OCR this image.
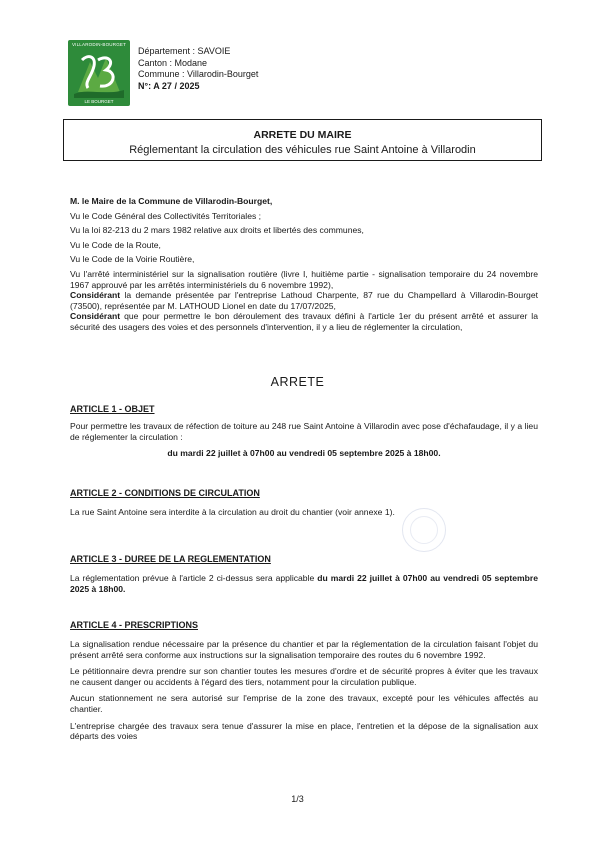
VILLARODIN-BOURGET
LE BOURGET
Département : SAVOIE
Canton : Modane
Commune : Villarodin-Bourget
N°: A 27 / 2025
ARRETE DU MAIRE
Réglementant la circulation des véhicules rue Saint Antoine à Villarodin

M. le Maire de la Commune de Villarodin-Bourget,

Vu le Code Général des Collectivités Territoriales ;

Vu la loi 82-213 du 2 mars 1982 relative aux droits et libertés des communes,

Vu le Code de la Route,

Vu le Code de la Voirie Routière,

Vu l'arrêté interministériel sur la signalisation routière (livre I, huitième partie - signalisation temporaire du 24 novembre 1967 approuvé par les arrêtés interministériels du 6 novembre 1992),

Considérant la demande présentée par l'entreprise Lathoud Charpente, 87 rue du Champellard à Villarodin-Bourget (73500), représentée par M. LATHOUD Lionel en date du 17/07/2025,

Considérant que pour permettre le bon déroulement des travaux défini à l'article 1er du présent arrêté et assurer la sécurité des usagers des voies et des personnels d'intervention, il y a lieu de réglementer la circulation,

ARRETE
ARTICLE 1 - OBJET

Pour permettre les travaux de réfection de toiture au 248 rue Saint Antoine à Villarodin avec pose d'échafaudage, il y a lieu de réglementer la circulation :

du mardi 22 juillet à 07h00 au vendredi 05 septembre 2025 à 18h00.

ARTICLE 2 - CONDITIONS DE CIRCULATION

La rue Saint Antoine sera interdite à la circulation au droit du chantier (voir annexe 1).

ARTICLE 3 - DUREE DE LA REGLEMENTATION

La réglementation prévue à l'article 2 ci-dessus sera applicable du mardi 22 juillet à 07h00 au vendredi 05 septembre 2025 à 18h00.

ARTICLE 4 - PRESCRIPTIONS

La signalisation rendue nécessaire par la présence du chantier et par la réglementation de la circulation faisant l'objet du présent arrêté sera conforme aux instructions sur la signalisation temporaire des routes du 6 novembre 1992.

Le pétitionnaire devra prendre sur son chantier toutes les mesures d'ordre et de sécurité propres à éviter que les travaux ne causent danger ou accidents à l'égard des tiers, notamment pour la circulation publique.

Aucun stationnement ne sera autorisé sur l'emprise de la zone des travaux, excepté pour les véhicules affectés au chantier.

L'entreprise chargée des travaux sera tenue d'assurer la mise en place, l'entretien et la dépose de la signalisation aux départs des voies

1/3
